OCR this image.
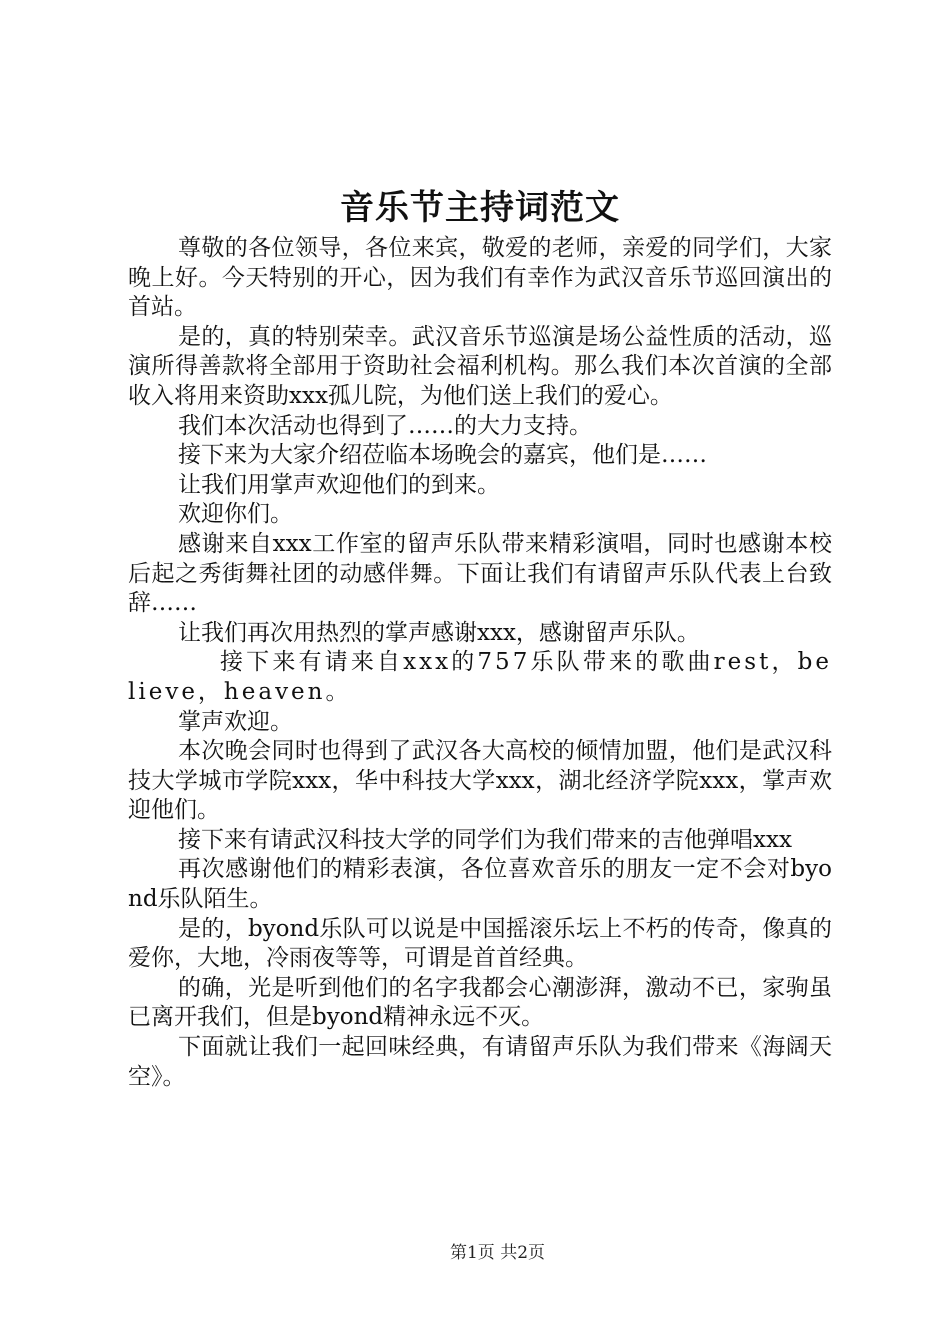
音乐节主持词范文

尊敬的各位领导，各位来宾，敬爱的老师，亲爱的同学们，大家晚上好。今天特别的开心，因为我们有幸作为武汉音乐节巡回演出的首站。

是的，真的特别荣幸。武汉音乐节巡演是场公益性质的活动，巡演所得善款将全部用于资助社会福利机构。那么我们本次首演的全部收入将用来资助xxx孤儿院，为他们送上我们的爱心。

我们本次活动也得到了……的大力支持。

接下来为大家介绍莅临本场晚会的嘉宾，他们是……

让我们用掌声欢迎他们的到来。

欢迎你们。

感谢来自xxx工作室的留声乐队带来精彩演唱，同时也感谢本校后起之秀街舞社团的动感伴舞。下面让我们有请留声乐队代表上台致辞……

让我们再次用热烈的掌声感谢xxx，感谢留声乐队。

接下来有请来自xxx的757乐队带来的歌曲rest，believe，heaven。

掌声欢迎。

本次晚会同时也得到了武汉各大高校的倾情加盟，他们是武汉科技大学城市学院xxx，华中科技大学xxx，湖北经济学院xxx，掌声欢迎他们。

接下来有请武汉科技大学的同学们为我们带来的吉他弹唱xxx

再次感谢他们的精彩表演，各位喜欢音乐的朋友一定不会对byond乐队陌生。

是的，byond乐队可以说是中国摇滚乐坛上不朽的传奇，像真的爱你，大地，冷雨夜等等，可谓是首首经典。

的确，光是听到他们的名字我都会心潮澎湃，激动不已，家驹虽已离开我们，但是byond精神永远不灭。

下面就让我们一起回味经典，有请留声乐队为我们带来《海阔天空》。

第1页 共2页
